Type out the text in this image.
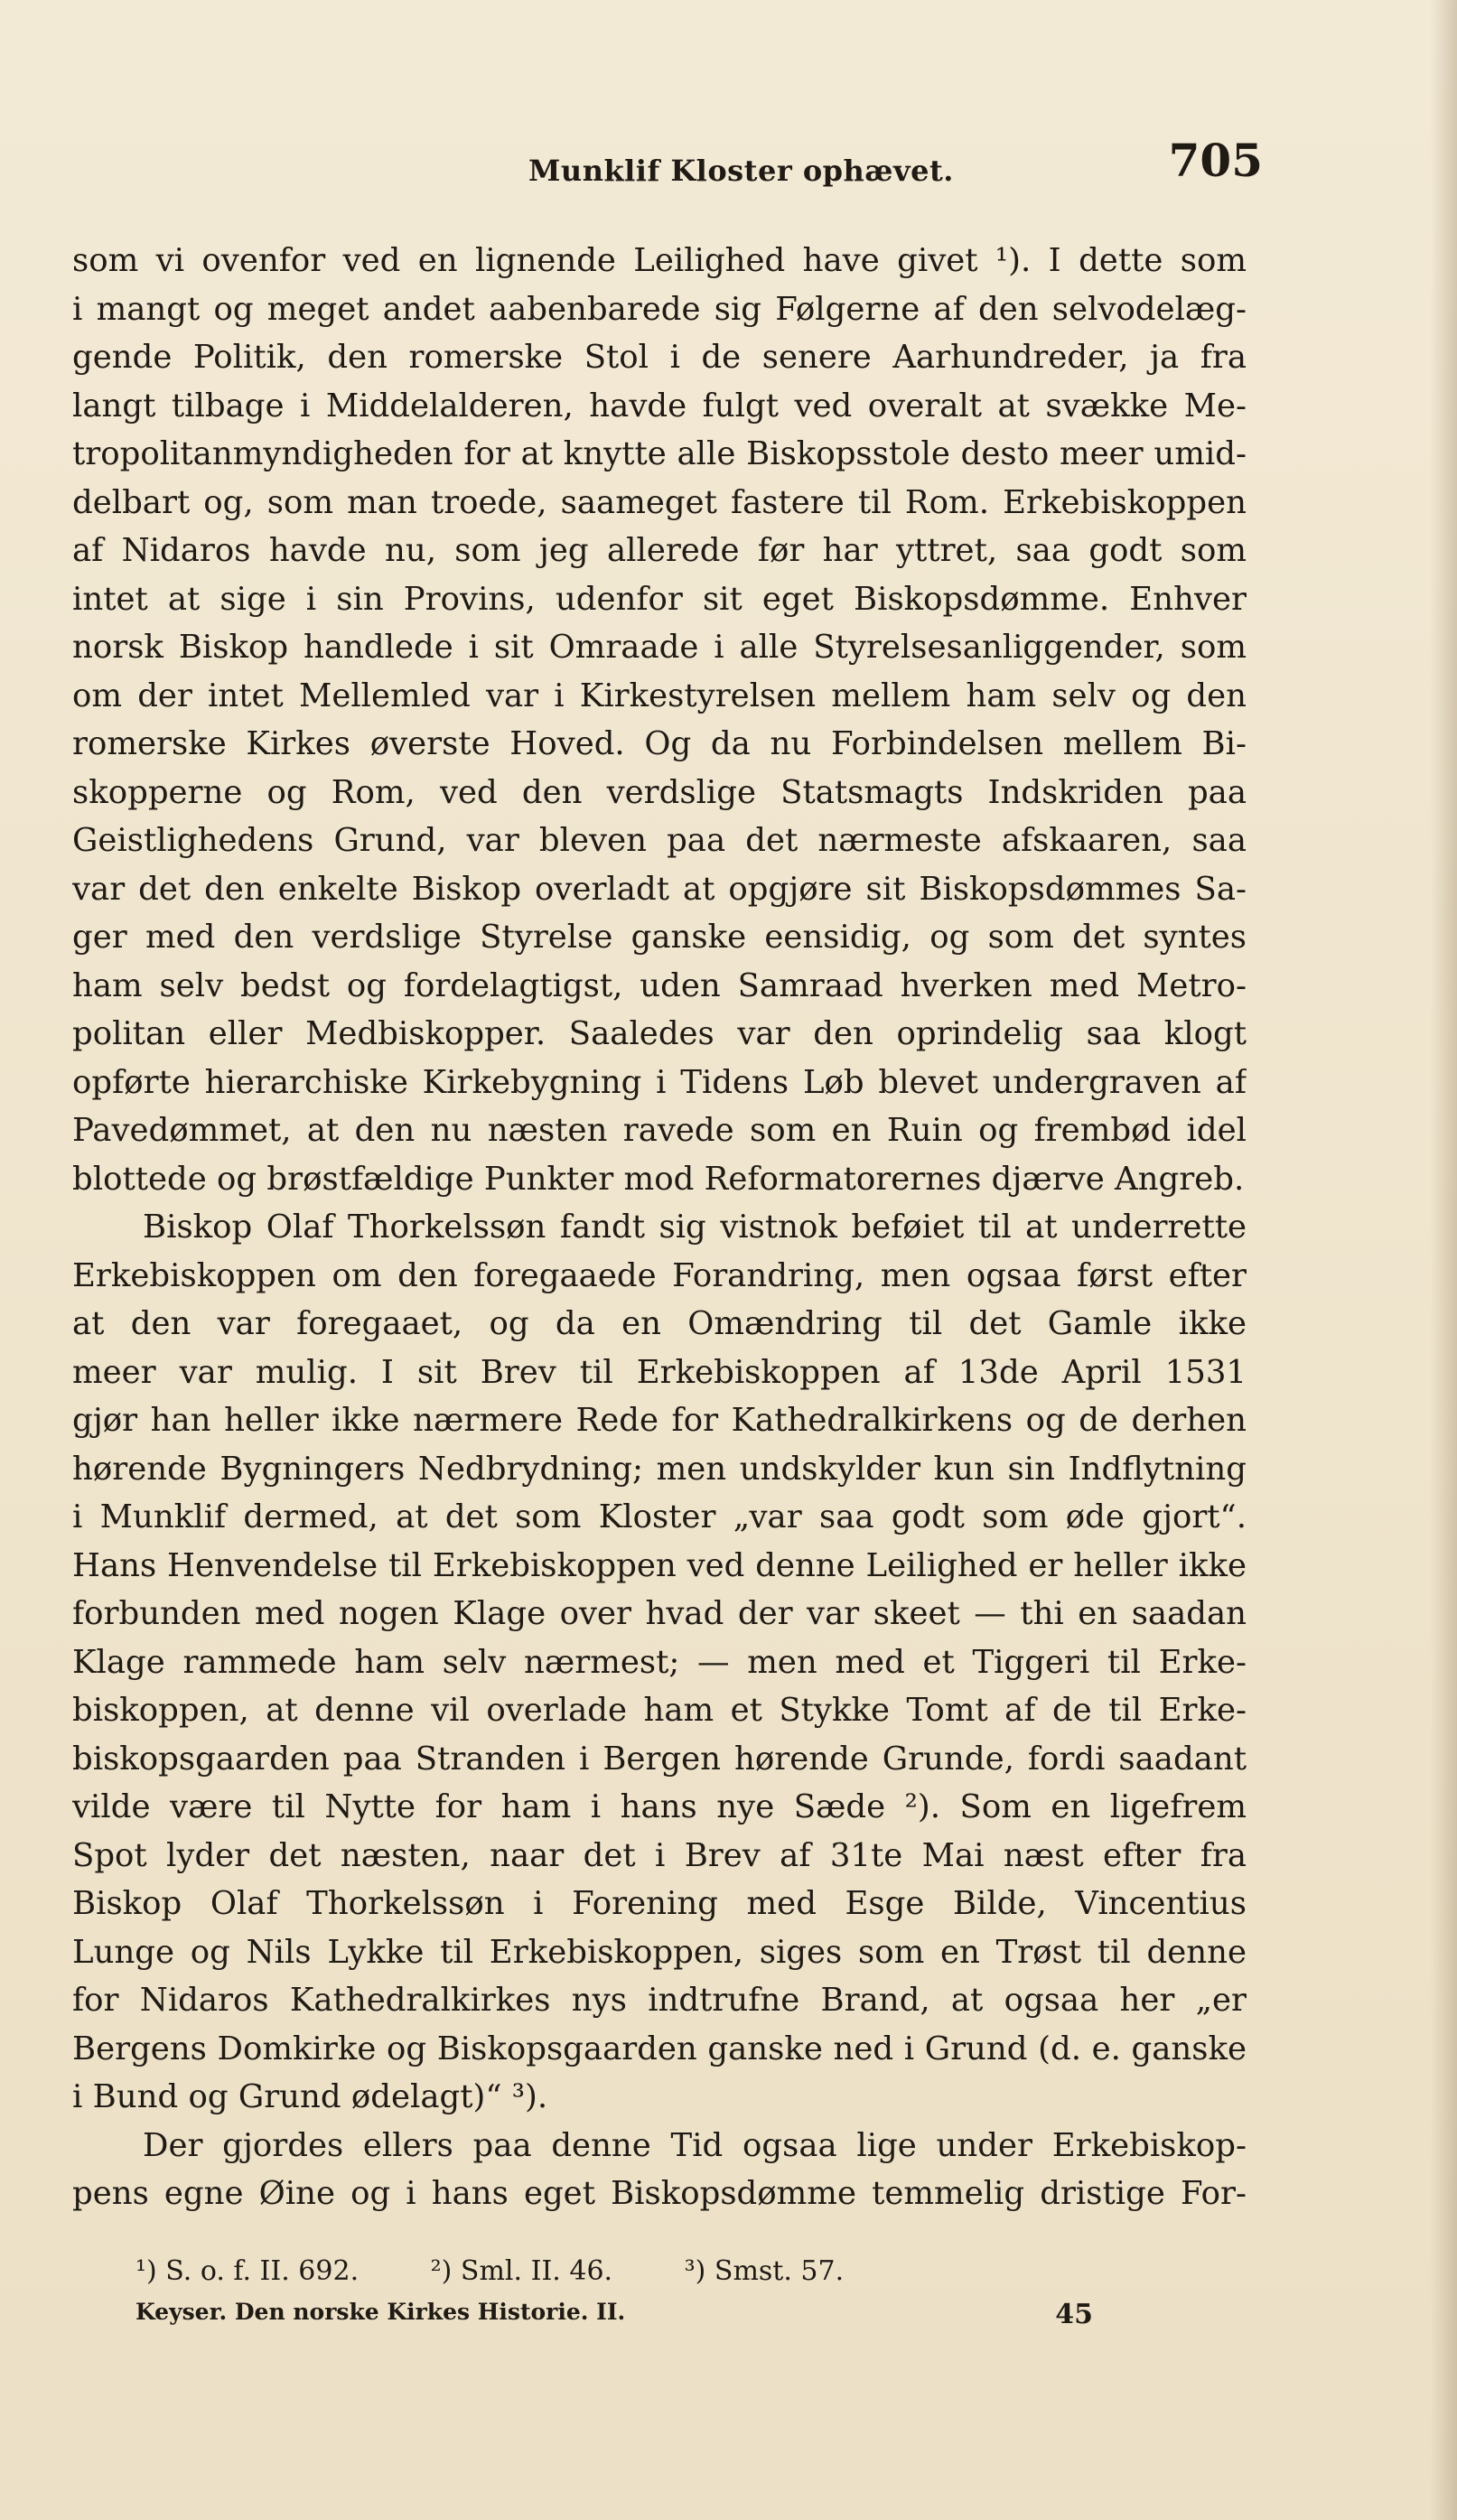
Munklif Kloster ophævet.	705
som vi ovenfor ved en lignende Leilighed have givet ¹). I dette som
i mangt og meget andet aabenbarede sig Følgerne af den selvodelæg-
gende Politik, den romerske Stol i de senere Aarhundreder, ja fra
langt tilbage i Middelalderen, havde fulgt ved overalt at svække Me-
tropolitanmyndigheden for at knytte alle Biskopsstole desto meer umid-
delbart og, som man troede, saameget fastere til Rom. Erkebiskoppen
af Nidaros havde nu, som jeg allerede før har yttret, saa godt som
intet at sige i sin Provins, udenfor sit eget Biskopsdømme. Enhver
norsk Biskop handlede i sit Omraade i alle Styrelsesanliggender, som
om der intet Mellemled var i Kirkestyrelsen mellem ham selv og den
romerske Kirkes øverste Hoved. Og da nu Forbindelsen mellem Bi-
skopperne og Rom, ved den verdslige Statsmagts Indskriden paa
Geistlighedens Grund, var bleven paa det nærmeste afskaaren, saa
var det den enkelte Biskop overladt at opgjøre sit Biskopsdømmes Sa-
ger med den verdslige Styrelse ganske eensidig, og som det syntes
ham selv bedst og fordelagtigst, uden Samraad hverken med Metro-
politan eller Medbiskopper. Saaledes var den oprindelig saa klogt
opførte hierarchiske Kirkebygning i Tidens Løb blevet undergraven af
Pavedømmet, at den nu næsten ravede som en Ruin og frembød idel
blottede og brøstfældige Punkter mod Reformatorernes djærve Angreb.
Biskop Olaf Thorkelssøn fandt sig vistnok beføiet til at underrette
Erkebiskoppen om den foregaaede Forandring, men ogsaa først efter
at den var foregaaet, og da en Omændring til det Gamle ikke
meer var mulig. I sit Brev til Erkebiskoppen af 13de April 1531
gjør han heller ikke nærmere Rede for Kathedralkirkens og de derhen
hørende Bygningers Nedbrydning; men undskylder kun sin Indflytning
i Munklif dermed, at det som Kloster „var saa godt som øde gjort“.
Hans Henvendelse til Erkebiskoppen ved denne Leilighed er heller ikke
forbunden med nogen Klage over hvad der var skeet — thi en saadan
Klage rammede ham selv nærmest; — men med et Tiggeri til Erke-
biskoppen, at denne vil overlade ham et Stykke Tomt af de til Erke-
biskopsgaarden paa Stranden i Bergen hørende Grunde, fordi saadant
vilde være til Nytte for ham i hans nye Sæde ²). Som en ligefrem
Spot lyder det næsten, naar det i Brev af 31te Mai næst efter fra
Biskop Olaf Thorkelssøn i Forening med Esge Bilde, Vincentius
Lunge og Nils Lykke til Erkebiskoppen, siges som en Trøst til denne
for Nidaros Kathedralkirkes nys indtrufne Brand, at ogsaa her „er
Bergens Domkirke og Biskopsgaarden ganske ned i Grund (d. e. ganske
i Bund og Grund ødelagt)“ ³).
Der gjordes ellers paa denne Tid ogsaa lige under Erkebiskop-
pens egne Øine og i hans eget Biskopsdømme temmelig dristige For-
¹) S. o. f. II. 692.	²) Sml. II. 46.	³) Smst. 57.
Keyser. Den norske Kirkes Historie. II.	45
